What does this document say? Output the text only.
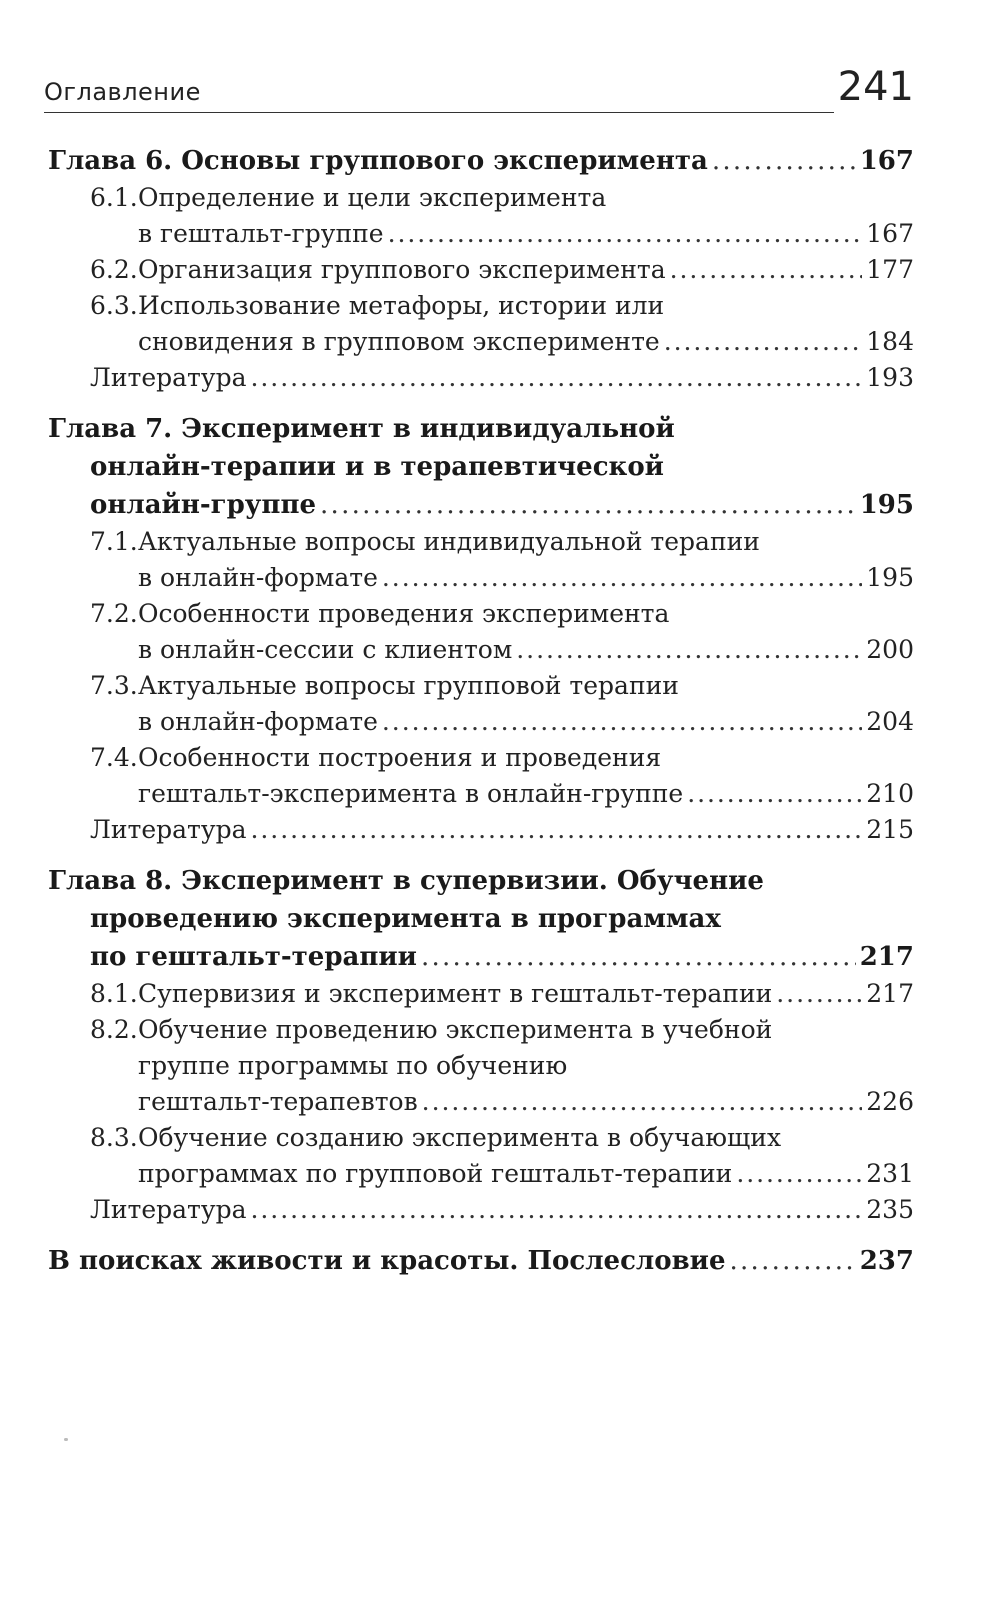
Оглавление	241
Глава 6. Основы группового эксперимента . . .	167
6.1. Определение и цели эксперимента
в гештальт-группе . . .	167
6.2. Организация группового эксперимента . . .	177
6.3. Использование метафоры, истории или
сновидения в групповом эксперименте . . .	184
Литература . . .	193
Глава 7. Эксперимент в индивидуальной
онлайн-терапии и в терапевтической
онлайн-группе . . .	195
7.1. Актуальные вопросы индивидуальной терапии
в онлайн-формате . . .	195
7.2. Особенности проведения эксперимента
в онлайн-сессии с клиентом . . .	200
7.3. Актуальные вопросы групповой терапии
в онлайн-формате . . .	204
7.4. Особенности построения и проведения
гештальт-эксперимента в онлайн-группе . . .	210
Литература . . .	215
Глава 8. Эксперимент в супервизии. Обучение
проведению эксперимента в программах
по гештальт-терапии . . .	217
8.1. Супервизия и эксперимент в гештальт-терапии . . .	217
8.2. Обучение проведению эксперимента в учебной
группе программы по обучению
гештальт-терапевтов . . .	226
8.3. Обучение созданию эксперимента в обучающих
программах по групповой гештальт-терапии . . .	231
Литература . . .	235
В поисках живости и красоты. Послесловие . . .	237
